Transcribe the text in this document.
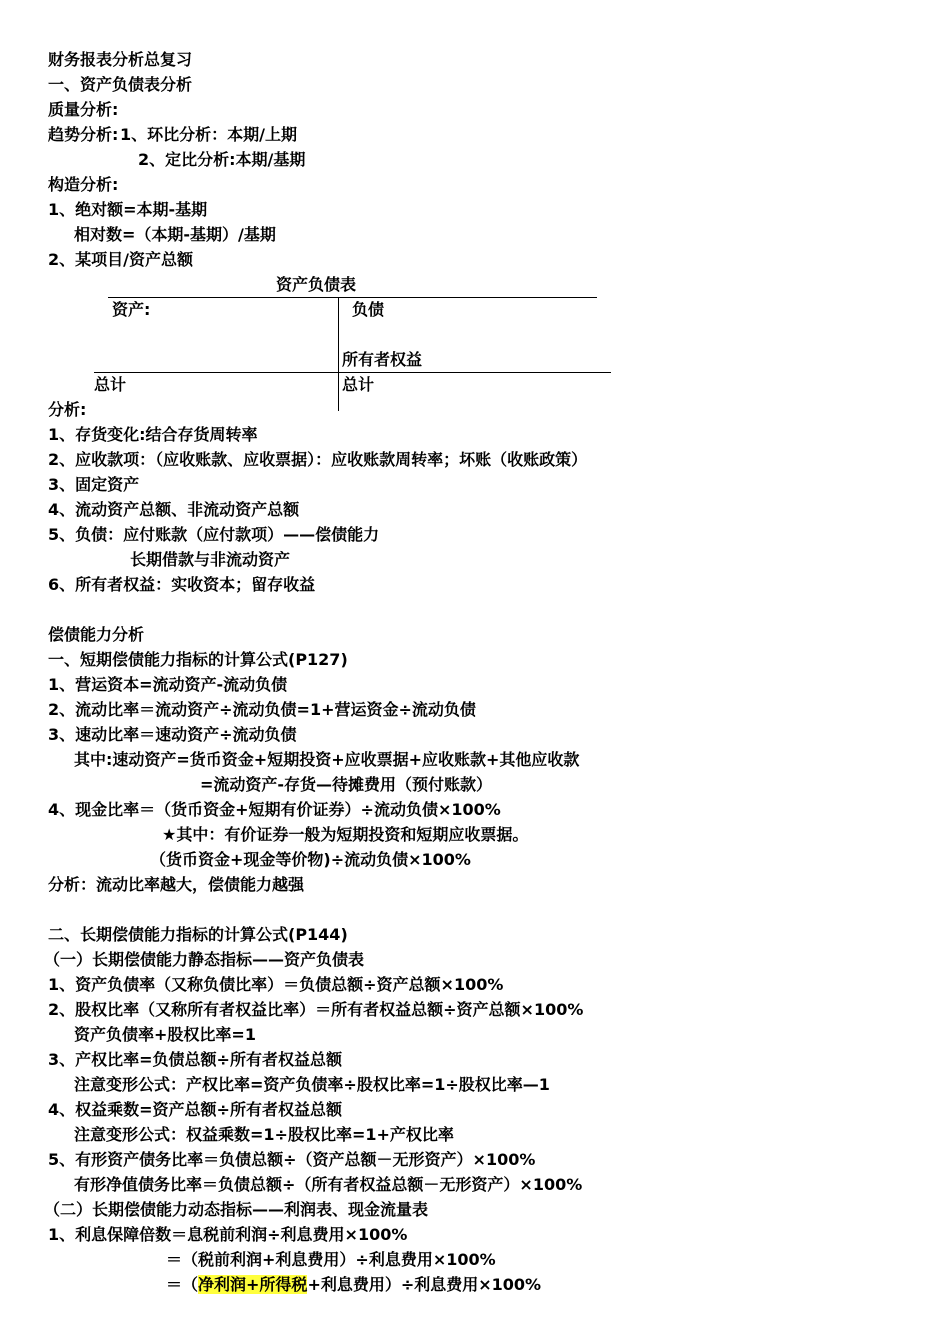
财务报表分析总复习
一、资产负债表分析
质量分析:
趋势分析: 1、环比分析：本期/上期
2、定比分析:本期/基期
构造分析:
1、绝对额=本期-基期
相对数=（本期-基期）/基期
2、某项目/资产总额
资产负债表
资产:	负债
所有者权益
总计	总计
分析:
1、存货变化:结合存货周转率
2、应收款项：（应收账款、应收票据）：应收账款周转率；坏账（收账政策）
3、固定资产
4、流动资产总额、非流动资产总额
5、负债：应付账款（应付款项）——偿债能力
长期借款与非流动资产
6、所有者权益：实收资本；留存收益
偿债能力分析
一、短期偿债能力指标的计算公式(P127)
1、营运资本=流动资产-流动负债
2、流动比率＝流动资产÷流动负债=1+营运资金÷流动负债
3、速动比率＝速动资产÷流动负债
其中:速动资产=货币资金+短期投资+应收票据+应收账款+其他应收款
=流动资产-存货—待摊费用（预付账款）
4、现金比率＝（货币资金+短期有价证券）÷流动负债×100%
★其中：有价证券一般为短期投资和短期应收票据。
（货币资金+现金等价物)÷流动负债×100%
分析：流动比率越大，偿债能力越强
二、长期偿债能力指标的计算公式(P144)
（一）长期偿债能力静态指标——资产负债表
1、资产负债率（又称负债比率）＝负债总额÷资产总额×100%
2、股权比率（又称所有者权益比率）＝所有者权益总额÷资产总额×100%
资产负债率+股权比率=1
3、产权比率=负债总额÷所有者权益总额
注意变形公式：产权比率=资产负债率÷股权比率=1÷股权比率—1
4、权益乘数=资产总额÷所有者权益总额
注意变形公式：权益乘数=1÷股权比率=1+产权比率
5、有形资产债务比率＝负债总额÷（资产总额－无形资产）×100%
有形净值债务比率＝负债总额÷（所有者权益总额－无形资产）×100%
（二）长期偿债能力动态指标——利润表、现金流量表
1、利息保障倍数＝息税前利润÷利息费用×100%
＝（税前利润+利息费用）÷利息费用×100%
＝（净利润+所得税+利息费用）÷利息费用×100%
